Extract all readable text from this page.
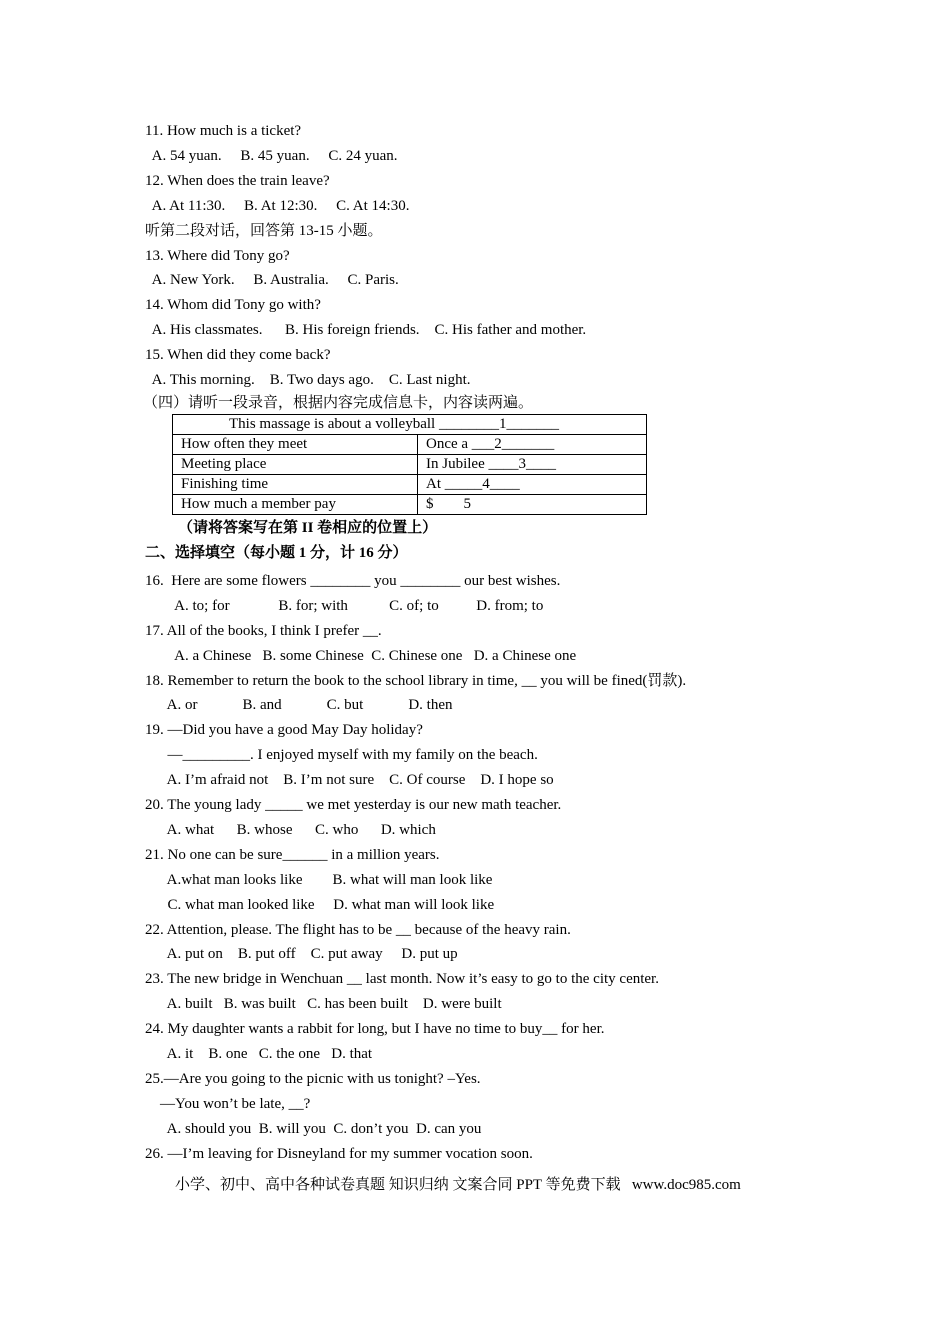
11. How much is a ticket?
A. 54 yuan.     B. 45 yuan.     C. 24 yuan.
12. When does the train leave?
A. At 11:30.     B. At 12:30.     C. At 14:30.
听第二段对话，回答第 13-15 小题。
13. Where did Tony go?
A. New York.     B. Australia.     C. Paris.
14. Whom did Tony go with?
A. His classmates.      B. His foreign friends.    C. His father and mother.
15. When did they come back?
A. This morning.    B. Two days ago.    C. Last night.
（四）请听一段录音，根据内容完成信息卡，内容读两遍。
This massage is about a volleyball ________1_______	
How often they meet	Once a ___2_______
Meeting place	In Jubilee ____3____
Finishing time	At _____4____
How much a member pay	$        5
（请将答案写在第 II 卷相应的位置上）
二、选择填空（每小题 1 分，计 16 分）
16.  Here are some flowers ________ you ________ our best wishes.
A. to; for             B. for; with           C. of; to          D. from; to
17. All of the books, I think I prefer __.
A. a Chinese   B. some Chinese  C. Chinese one   D. a Chinese one
18. Remember to return the book to the school library in time, __ you will be fined(罚款).
A. or            B. and            C. but            D. then
19. —Did you have a good May Day holiday?
—_________. I enjoyed myself with my family on the beach.
A. I’m afraid not    B. I’m not sure    C. Of course    D. I hope so
20. The young lady _____ we met yesterday is our new math teacher.
A. what      B. whose      C. who      D. which
21. No one can be sure______ in a million years.
A.what man looks like        B. what will man look like
C. what man looked like     D. what man will look like
22. Attention, please. The flight has to be __ because of the heavy rain.
A. put on    B. put off    C. put away     D. put up
23. The new bridge in Wenchuan __ last month. Now it’s easy to go to the city center.
A. built   B. was built   C. has been built    D. were built
24. My daughter wants a rabbit for long, but I have no time to buy__ for her.
A. it    B. one   C. the one   D. that
25.—Are you going to the picnic with us tonight? –Yes.
—You won’t be late, __?
A. should you  B. will you  C. don’t you  D. can you
26. —I’m leaving for Disneyland for my summer vocation soon.
小学、初中、高中各种试卷真题 知识归纳 文案合同 PPT 等免费下载   www.doc985.com
